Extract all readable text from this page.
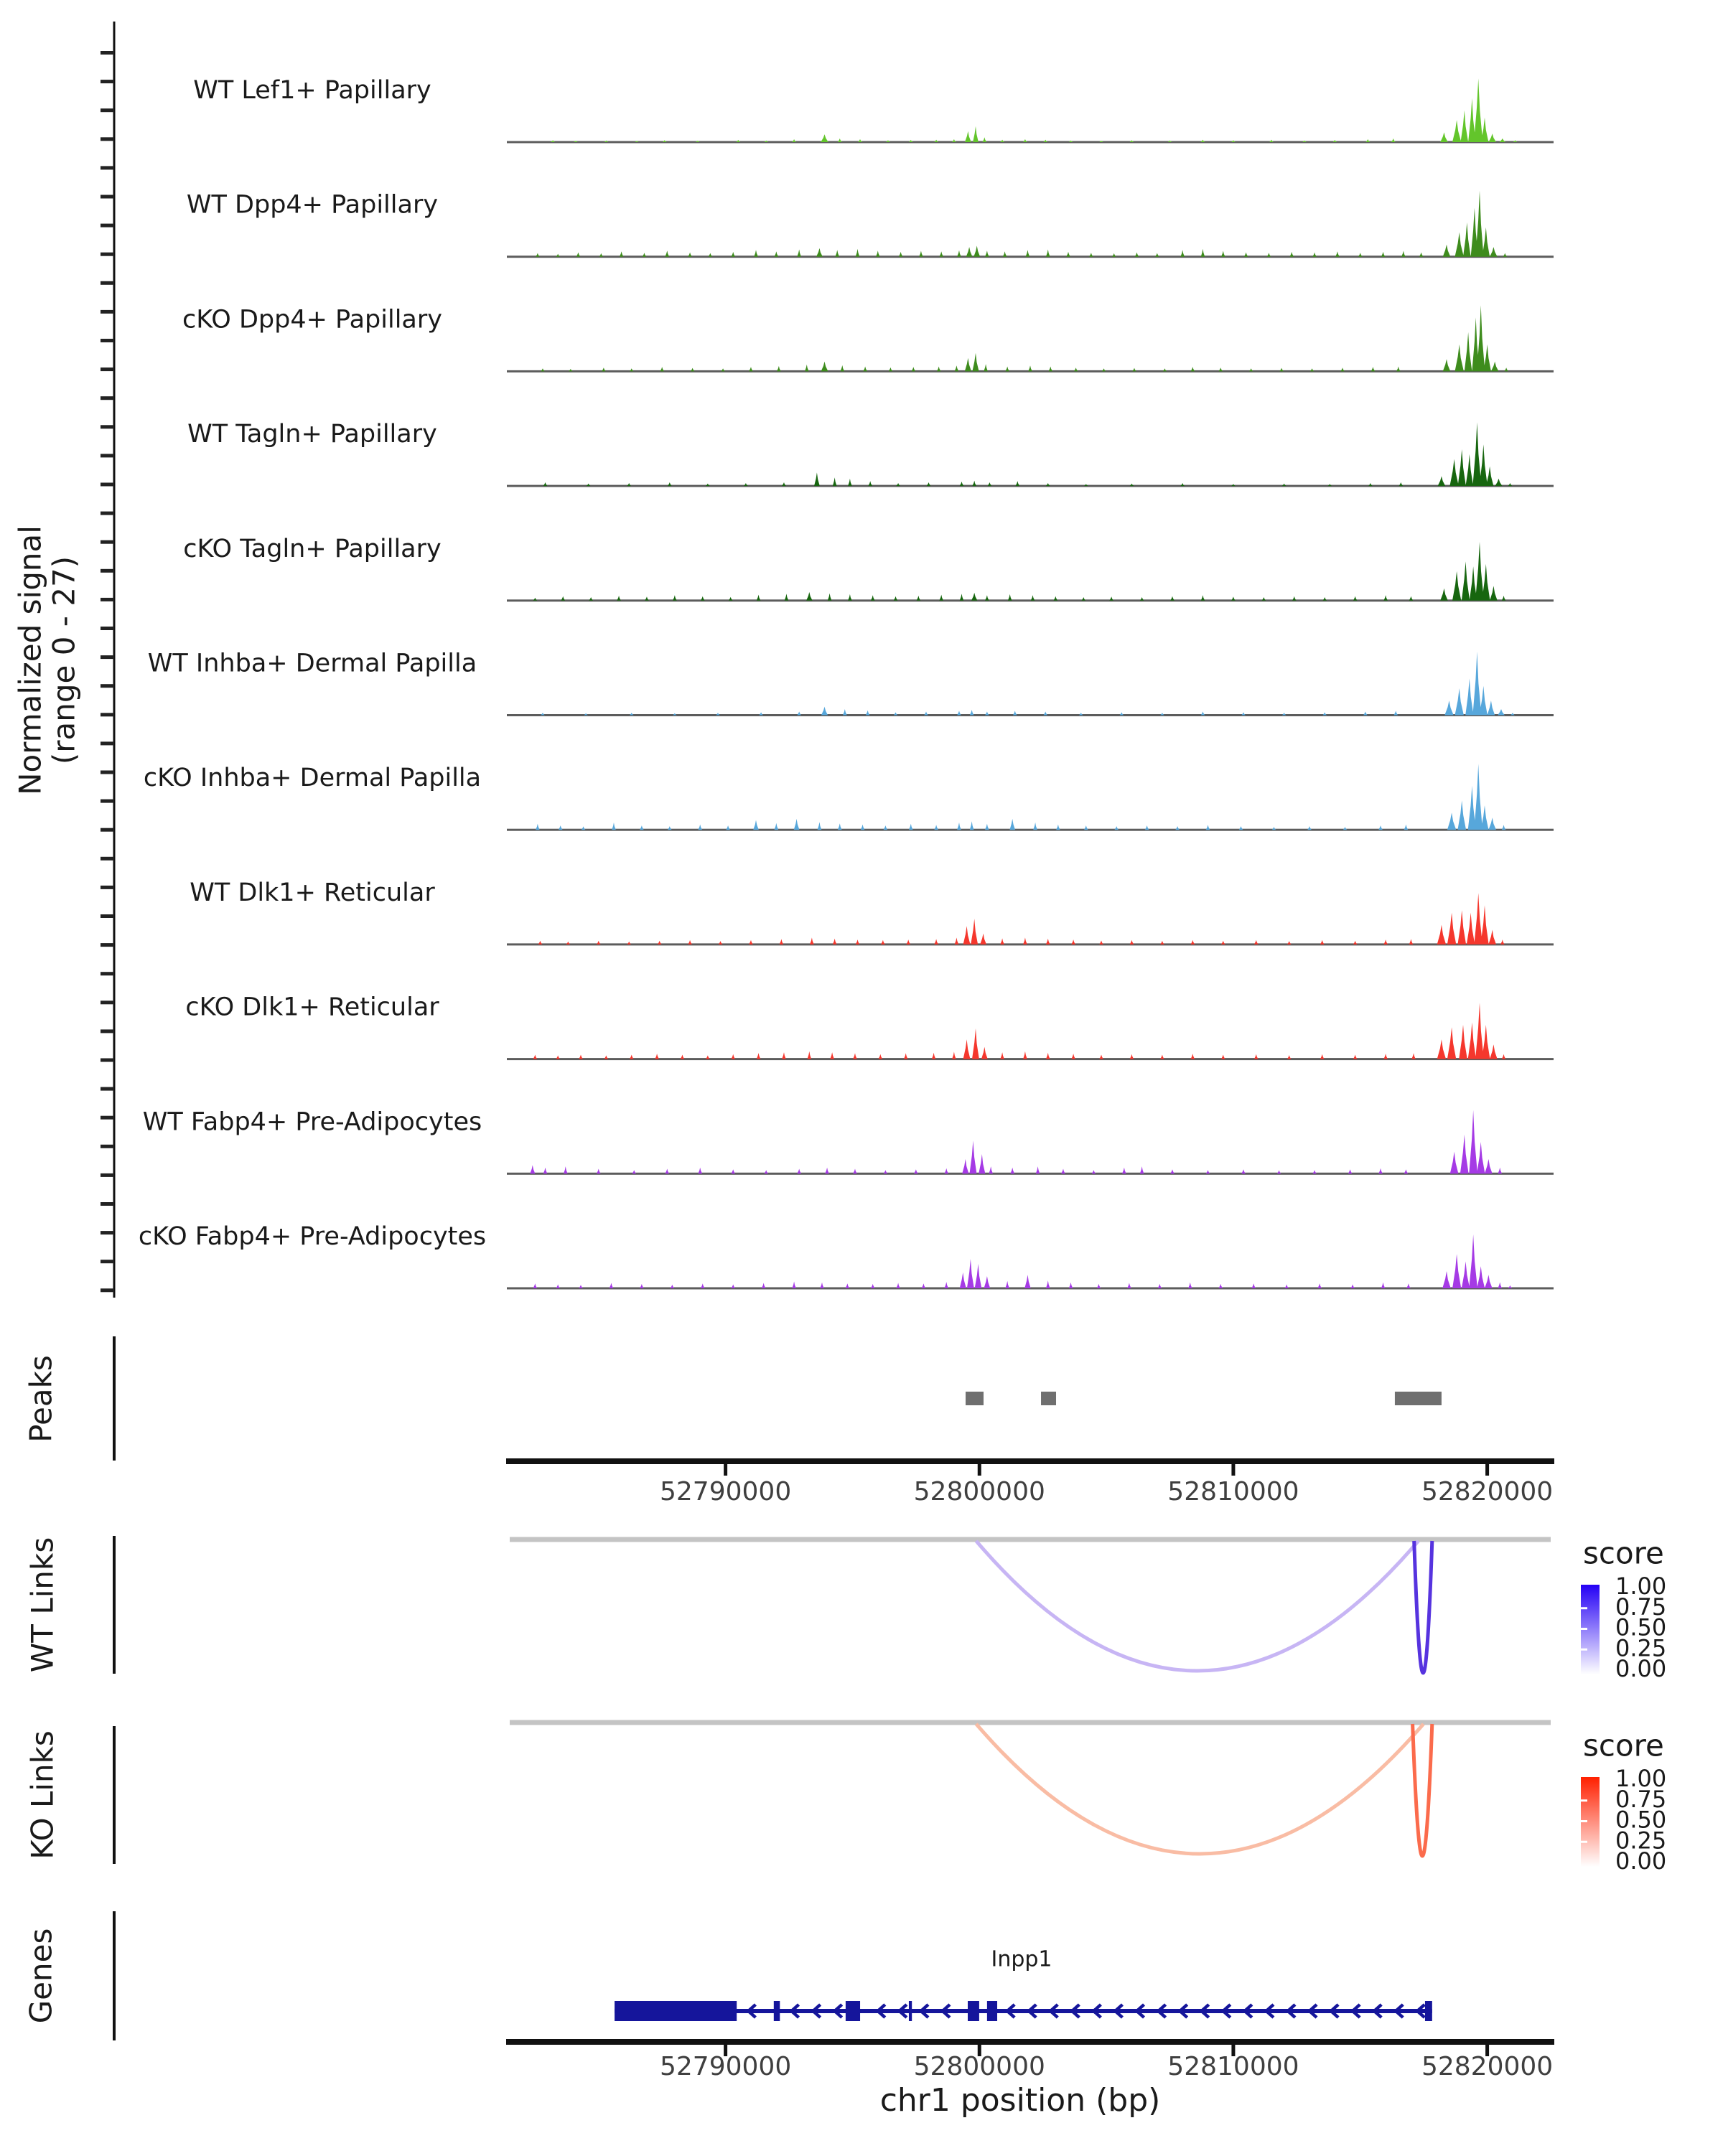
Normalized signal
(range 0 - 27)
WT Lef1+ Papillary
WT Dpp4+ Papillary
cKO Dpp4+ Papillary
WT Tagln+ Papillary
cKO Tagln+ Papillary
WT Inhba+ Dermal Papilla
cKO Inhba+ Dermal Papilla
WT Dlk1+ Reticular
cKO Dlk1+ Reticular
WT Fabp4+ Pre-Adipocytes
cKO Fabp4+ Pre-Adipocytes
Peaks
52790000	52800000	52810000	52820000
WT Links	score
1.00
0.75
0.50
0.25
0.00
KO Links	score
1.00
0.75
0.50
0.25
0.00
Genes	Inpp1
52790000	52800000	52810000	52820000
chr1 position (bp)
